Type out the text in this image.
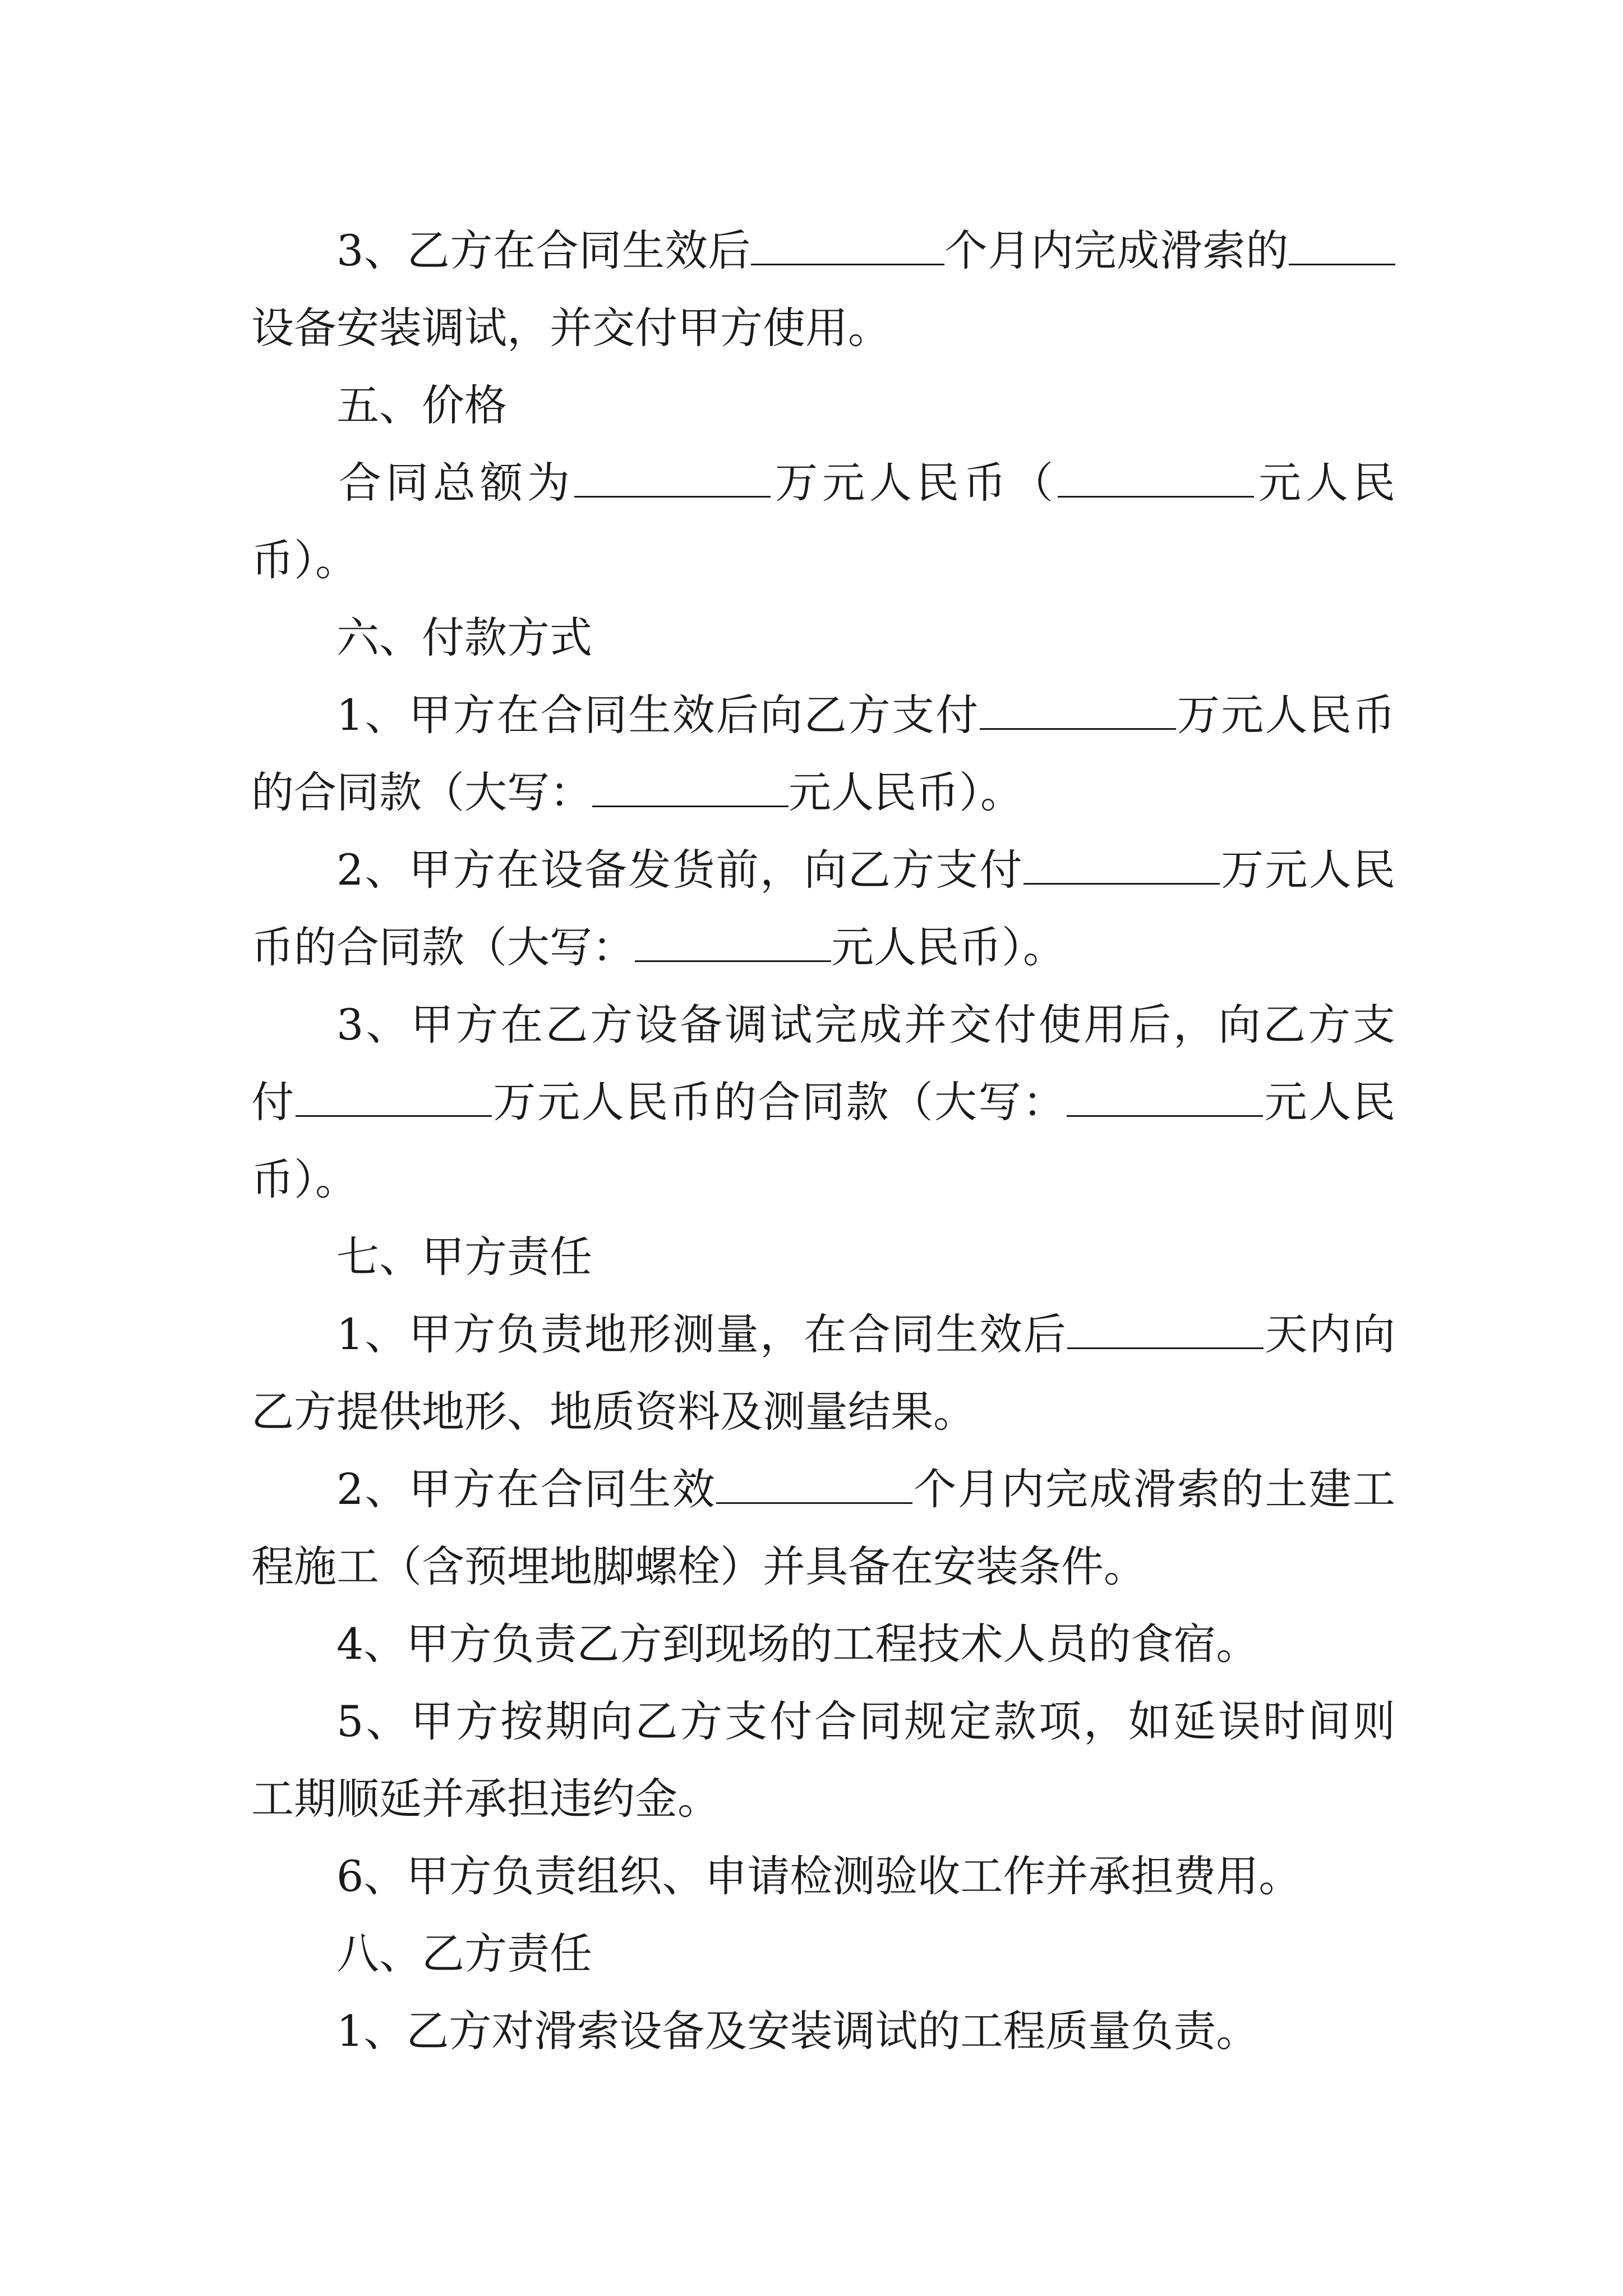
3、乙方在合同生效后	个月内完成滑索的
设备安装调试，并交付甲方使用。
五、价格
合同总额为	万元人民币（	元人民
币）。
六、付款方式
1、甲方在合同生效后向乙方支付	万元人民币
的合同款（大写：	元人民币）。
2、甲方在设备发货前，向乙方支付	万元人民
币的合同款（大写：	元人民币）。
3、甲方在乙方设备调试完成并交付使用后，向乙方支
付	万元人民币的合同款（大写：	元人民
币）。
七、甲方责任
1、甲方负责地形测量，在合同生效后	天内向
乙方提供地形、地质资料及测量结果。
2、甲方在合同生效	个月内完成滑索的土建工
程施工（含预埋地脚螺栓）并具备在安装条件。
4、甲方负责乙方到现场的工程技术人员的食宿。
5、甲方按期向乙方支付合同规定款项，如延误时间则
工期顺延并承担违约金。
6、甲方负责组织、申请检测验收工作并承担费用。
八、乙方责任
1、乙方对滑索设备及安装调试的工程质量负责。
